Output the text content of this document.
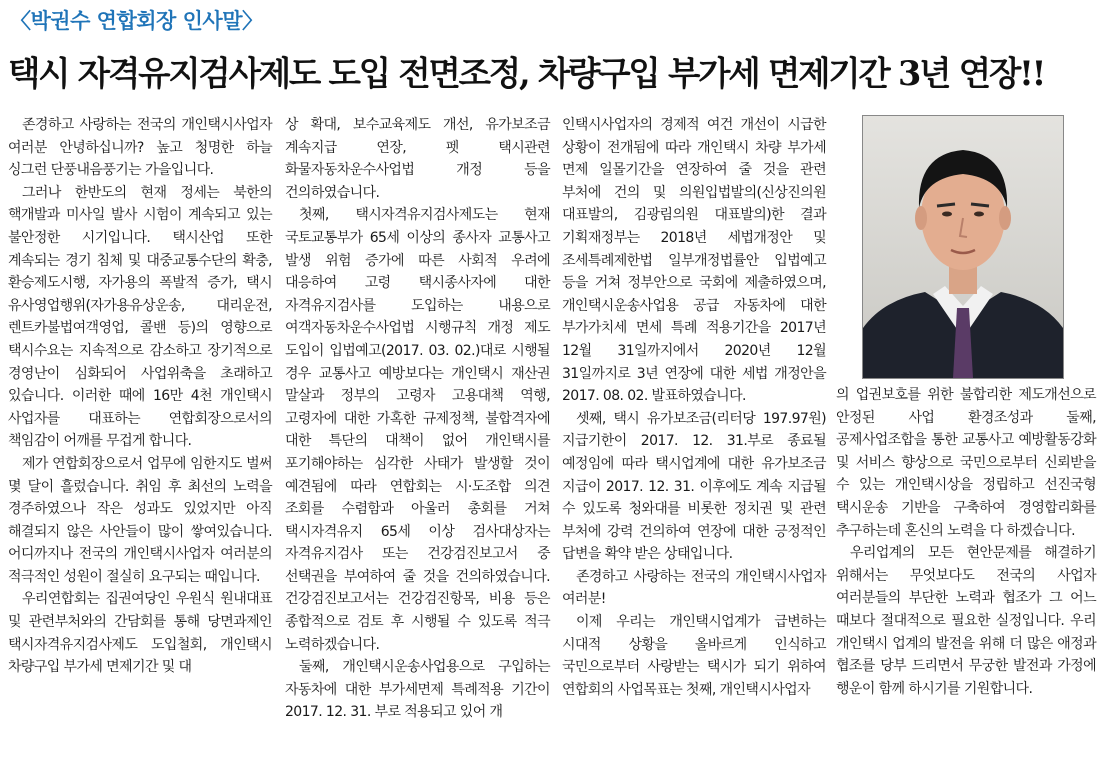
〈박권수 연합회장 인사말〉
택시 자격유지검사제도 도입 전면조정, 차량구입 부가세 면제기간 3년 연장!!

존경하고 사랑하는 전국의 개인택시사업자 여러분 안녕하십니까? 높고 청명한 하늘 싱그런 단풍내음풍기는 가을입니다.

그러나 한반도의 현재 정세는 북한의 핵개발과 미사일 발사 시험이 계속되고 있는 불안정한 시기입니다. 택시산업 또한 계속되는 경기 침체 및 대중교통수단의 확충, 환승제도시행, 자가용의 폭발적 증가, 택시 유사영업행위(자가용유상운송, 대리운전, 렌트카불법여객영업, 콜밴 등)의 영향으로 택시수요는 지속적으로 감소하고 장기적으로 경영난이 심화되어 사업위축을 초래하고 있습니다. 이러한 때에 16만 4천 개인택시 사업자를 대표하는 연합회장으로서의 책임감이 어깨를 무겁게 합니다.

제가 연합회장으로서 업무에 임한지도 벌써 몇 달이 흘렀습니다. 취임 후 최선의 노력을 경주하였으나 작은 성과도 있었지만 아직 해결되지 않은 사안들이 많이 쌓여있습니다. 어디까지나 전국의 개인택시사업자 여러분의 적극적인 성원이 절실히 요구되는 때입니다.

우리연합회는 집권여당인 우원식 원내대표 및 관련부처와의 간담회를 통해 당면과제인 택시자격유지검사제도 도입철회, 개인택시 차량구입 부가세 면제기간 및 대

상 확대, 보수교육제도 개선, 유가보조금 계속지급 연장, 펫 택시관련 화물자동차운수사업법 개정 등을 건의하였습니다.

첫째, 택시자격유지검사제도는 현재 국토교통부가 65세 이상의 종사자 교통사고 발생 위험 증가에 따른 사회적 우려에 대응하여 고령 택시종사자에 대한 자격유지검사를 도입하는 내용으로 여객자동차운수사업법 시행규칙 개정 제도 도입이 입법예고(2017. 03. 02.)대로 시행될 경우 교통사고 예방보다는 개인택시 재산권 말살과 정부의 고령자 고용대책 역행, 고령자에 대한 가혹한 규제정책, 불합격자에 대한 특단의 대책이 없어 개인택시를 포기해야하는 심각한 사태가 발생할 것이 예견됨에 따라 연합회는 시·도조합 의견 조회를 수렴함과 아울러 총회를 거쳐 택시자격유지 65세 이상 검사대상자는 자격유지검사 또는 건강검진보고서 중 선택권을 부여하여 줄 것을 건의하였습니다. 건강검진보고서는 건강검진항목, 비용 등은 종합적으로 검토 후 시행될 수 있도록 적극 노력하겠습니다.

둘째, 개인택시운송사업용으로 구입하는 자동차에 대한 부가세면제 특례적용 기간이 2017. 12. 31. 부로 적용되고 있어 개

인택시사업자의 경제적 여건 개선이 시급한 상황이 전개됨에 따라 개인택시 차량 부가세 면제 일몰기간을 연장하여 줄 것을 관련 부처에 건의 및 의원입법발의(신상진의원 대표발의, 김광림의원 대표발의)한 결과 기획재정부는 2018년 세법개정안 및 조세특례제한법 일부개정법률안 입법예고 등을 거쳐 정부안으로 국회에 제출하였으며, 개인택시운송사업용 공급 자동차에 대한 부가가치세 면세 특례 적용기간을 2017년 12월 31일까지에서 2020년 12월 31일까지로 3년 연장에 대한 세법 개정안을 2017. 08. 02. 발표하였습니다.

셋째, 택시 유가보조금(리터당 197.97원) 지급기한이 2017. 12. 31.부로 종료될 예정임에 따라 택시업계에 대한 유가보조금 지급이 2017. 12. 31. 이후에도 계속 지급될 수 있도록 청와대를 비롯한 정치권 및 관련 부처에 강력 건의하여 연장에 대한 긍정적인 답변을 확약 받은 상태입니다.

존경하고 사랑하는 전국의 개인택시사업자 여러분!

이제 우리는 개인택시업계가 급변하는 시대적 상황을 올바르게 인식하고 국민으로부터 사랑받는 택시가 되기 위하여 연합회의 사업목표는 첫째, 개인택시사업자

의 업권보호를 위한 불합리한 제도개선으로 안정된 사업 환경조성과 둘째, 공제사업조합을 통한 교통사고 예방활동강화 및 서비스 향상으로 국민으로부터 신뢰받을 수 있는 개인택시상을 정립하고 선진국형 택시운송 기반을 구축하여 경영합리화를 추구하는데 혼신의 노력을 다 하겠습니다.

우리업계의 모든 현안문제를 해결하기 위해서는 무엇보다도 전국의 사업자 여러분들의 부단한 노력과 협조가 그 어느 때보다 절대적으로 필요한 실정입니다. 우리 개인택시 업계의 발전을 위해 더 많은 애정과 협조를 당부 드리면서 무궁한 발전과 가정에 행운이 함께 하시기를 기원합니다.
